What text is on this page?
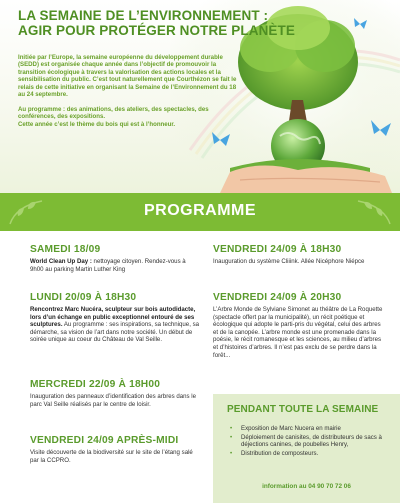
LA SEMAINE DE L’ENVIRONNEMENT :
AGIR POUR PROTÉGER NOTRE PLANÈTE

Initiée par l’Europe, la semaine européenne du développement durable (SEDD) est organisée chaque année dans l’objectif de promouvoir la transition écologique à travers la valorisation des actions locales et la sensibilisation du public. C’est tout naturellement que Courthézon se fait le relais de cette initiative en organisant la Semaine de l’Environnement du 18 au 24 septembre.

Au programme : des animations, des ateliers, des spectacles, des conférences, des expositions.

Cette année c’est le thème du bois qui est à l’honneur.

PROGRAMME
SAMEDI 18/09

World Clean Up Day : nettoyage citoyen. Rendez-vous à 9h00 au parking Martin Luther King

LUNDI 20/09 À 18H30

Rencontrez Marc Nucéra, sculpteur sur bois autodidacte, lors d’un échange en public exceptionnel entouré de ses sculptures. Au programme : ses inspirations, sa technique, sa démarche, sa vision de l’art dans notre société. Un début de soirée unique au coeur du Château de Val Seille.

MERCREDI 22/09 À 18H00

Inauguration des panneaux d’identification des arbres dans le parc Val Seille réalisés par le centre de loisir.

VENDREDI 24/09 APRÈS-MIDI

Visite découverte de la biodiversité sur le site de l’étang salé par la CCPRO.

VENDREDI 24/09 À 18H30

Inauguration du système Cliiink. Allée Nicéphore Niépce

VENDREDI 24/09 À 20H30

L’Arbre Monde de Sylviane Simonet au théâtre de La Roquette (spectacle offert par la municipalité), un récit poétique et écologique qui adopte le parti-pris du végétal, celui des arbres et de la canopée. L’arbre monde est une promenade dans la poésie, le récit romanesque et les sciences, au milieu d’arbres et d’histoires d’arbres. Il n’est pas exclu de se perdre dans la forêt...

PENDANT TOUTE LA SEMAINE
• Exposition de Marc Nucera en mairie
• Déploiement de canisites, de distributeurs de sacs à déjections canines, de poubelles Henry,
• Distribution de composteurs.
information au 04 90 70 72 06
